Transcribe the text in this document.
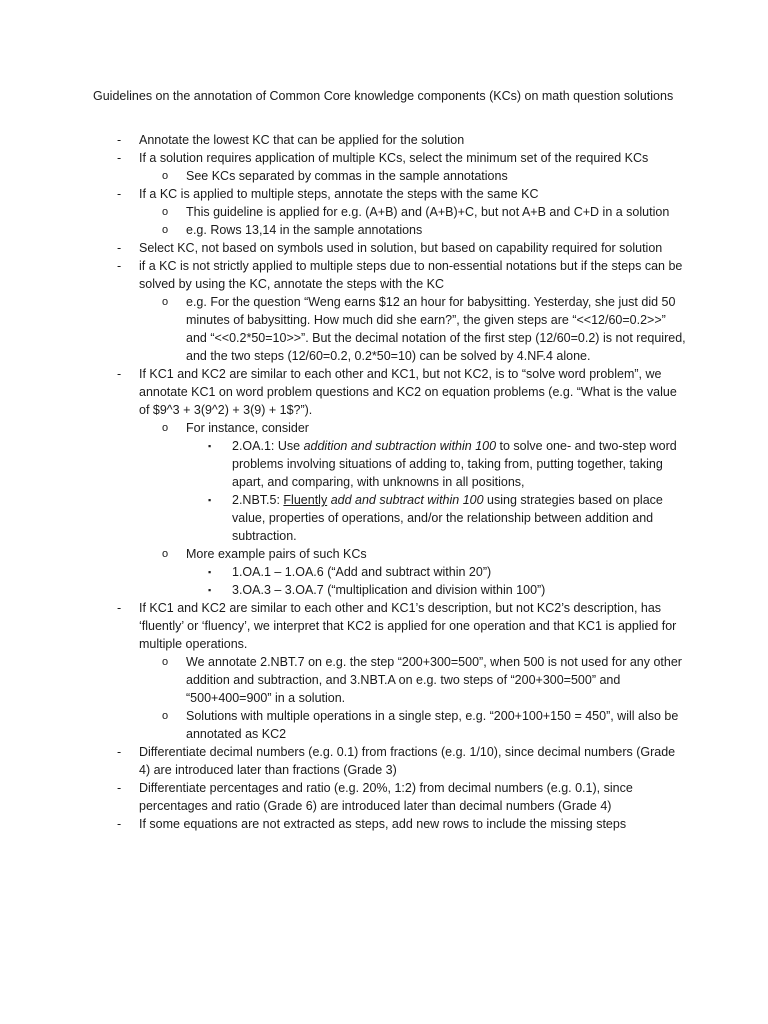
Guidelines on the annotation of Common Core knowledge components (KCs) on math question solutions
- Annotate the lowest KC that can be applied for the solution
- If a solution requires application of multiple KCs, select the minimum set of the required KCs
o See KCs separated by commas in the sample annotations
- If a KC is applied to multiple steps, annotate the steps with the same KC
o This guideline is applied for e.g. (A+B) and (A+B)+C, but not A+B and C+D in a solution
o e.g. Rows 13,14 in the sample annotations
- Select KC, not based on symbols used in solution, but based on capability required for solution
- if a KC is not strictly applied to multiple steps due to non-essential notations but if the steps can be solved by using the KC, annotate the steps with the KC
o e.g. For the question “Weng earns $12 an hour for babysitting. Yesterday, she just did 50 minutes of babysitting. How much did she earn?”, the given steps are “<<12/60=0.2>>” and “<<0.2*50=10>>”. But the decimal notation of the first step (12/60=0.2) is not required, and the two steps (12/60=0.2, 0.2*50=10) can be solved by 4.NF.4 alone.
- If KC1 and KC2 are similar to each other and KC1, but not KC2, is to “solve word problem”, we annotate KC1 on word problem questions and KC2 on equation problems (e.g. “What is the value of $9^3 + 3(9^2) + 3(9) + 1$?”).
o For instance, consider
▪ 2.OA.1: Use addition and subtraction within 100 to solve one- and two-step word problems involving situations of adding to, taking from, putting together, taking apart, and comparing, with unknowns in all positions,
▪ 2.NBT.5: Fluently add and subtract within 100 using strategies based on place value, properties of operations, and/or the relationship between addition and subtraction.
o More example pairs of such KCs
▪ 1.OA.1 – 1.OA.6 (“Add and subtract within 20”)
▪ 3.OA.3 – 3.OA.7 (“multiplication and division within 100”)
- If KC1 and KC2 are similar to each other and KC1’s description, but not KC2’s description, has ‘fluently’ or ‘fluency’, we interpret that KC2 is applied for one operation and that KC1 is applied for multiple operations.
o We annotate 2.NBT.7 on e.g. the step “200+300=500”, when 500 is not used for any other addition and subtraction, and 3.NBT.A on e.g. two steps of “200+300=500” and “500+400=900” in a solution.
o Solutions with multiple operations in a single step, e.g. “200+100+150 = 450”, will also be annotated as KC2
- Differentiate decimal numbers (e.g. 0.1) from fractions (e.g. 1/10), since decimal numbers (Grade 4) are introduced later than fractions (Grade 3)
- Differentiate percentages and ratio (e.g. 20%, 1:2) from decimal numbers (e.g. 0.1), since percentages and ratio (Grade 6) are introduced later than decimal numbers (Grade 4)
- If some equations are not extracted as steps, add new rows to include the missing steps
